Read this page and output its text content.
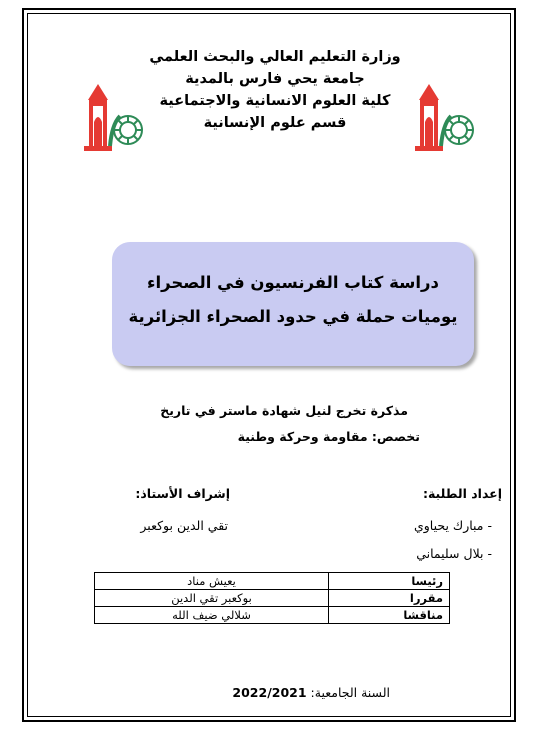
وزارة التعليم العالي والبحث العلمي
جامعة يحي فارس بالمدية
كلية العلوم الانسانية والاجتماعية
قسم علوم الإنسانية
دراسة كتاب الفرنسيون في الصحراء
يوميات حملة في حدود الصحراء الجزائرية
مذكرة تخرج لنيل شهادة ماستر في تاريخ
تخصص: مقاومة وحركة وطنية
إعداد الطلبة:
إشراف الأستاذ:
- مبارك يحياوي
- بلال سليماني
تقي الدين بوكعبر
رئيسا	يعيش مناد
مقررا	بوكعبر تقي الدين
مناقشا	شلالي ضيف الله
السنة الجامعية: 2022/2021
